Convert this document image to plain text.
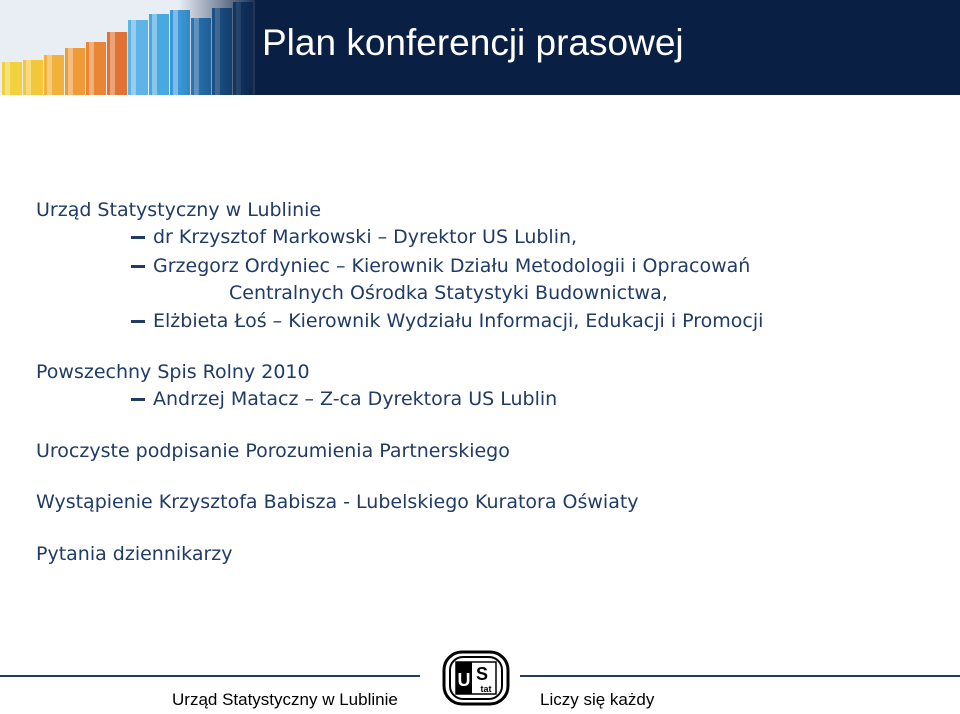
Plan konferencji prasowej
Urząd Statystyczny w Lublinie
dr Krzysztof Markowski – Dyrektor US Lublin,
Grzegorz Ordyniec – Kierownik Działu Metodologii i Opracowań
Centralnych Ośrodka Statystyki Budownictwa,
Elżbieta Łoś – Kierownik Wydziału Informacji, Edukacji i Promocji
Powszechny Spis Rolny 2010
Andrzej Matacz – Z-ca Dyrektora US Lublin
Uroczyste podpisanie Porozumienia Partnerskiego
Wystąpienie Krzysztofa Babisza - Lubelskiego Kuratora Oświaty
Pytania dziennikarzy
U S
tat
Urząd Statystyczny w Lublinie	Liczy się każdy
